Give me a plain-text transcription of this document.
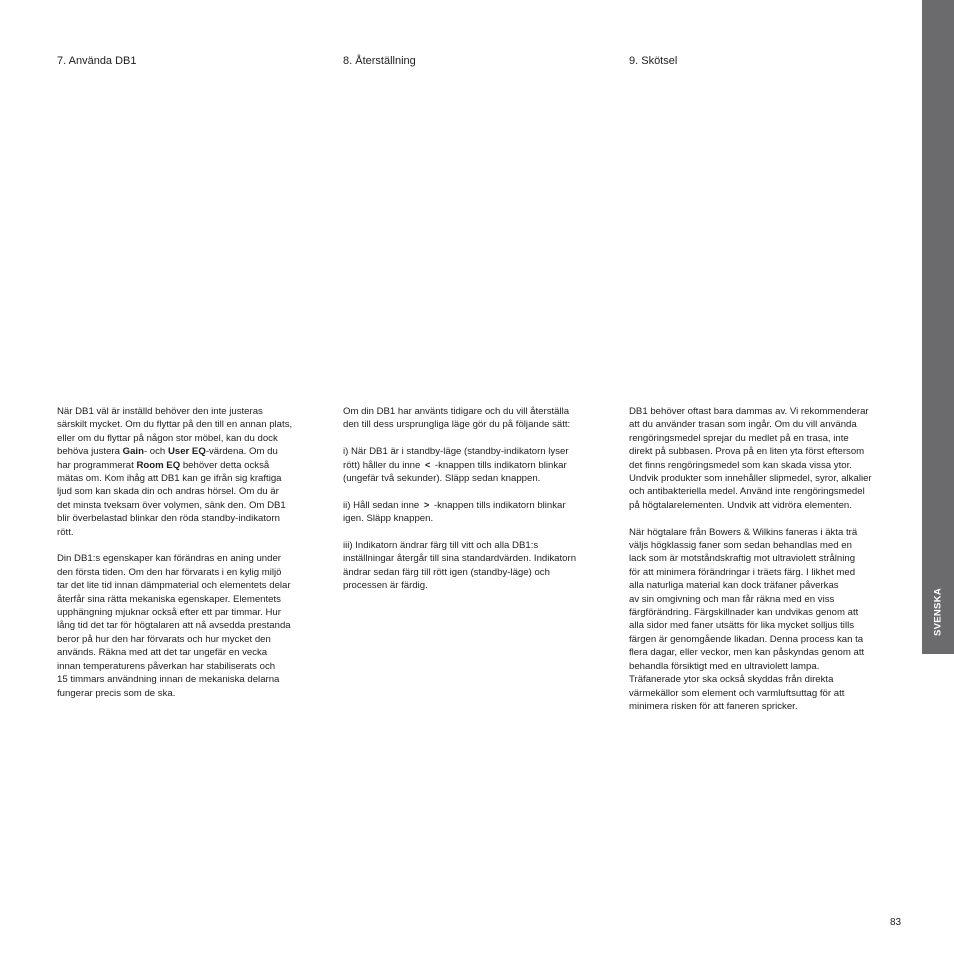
SVENSKA
7. Använda DB1	8. Återställning	9. Skötsel

När DB1 väl är inställd behöver den inte justeras
särskilt mycket. Om du flyttar på den till en annan plats,
eller om du flyttar på någon stor möbel, kan du dock
behöva justera Gain- och User EQ-värdena. Om du
har programmerat Room EQ behöver detta också
mätas om. Kom ihåg att DB1 kan ge ifrån sig kraftiga
ljud som kan skada din och andras hörsel. Om du är
det minsta tveksam över volymen, sänk den. Om DB1
blir överbelastad blinkar den röda standby-indikatorn
rött.

Din DB1:s egenskaper kan förändras en aning under
den första tiden. Om den har förvarats i en kylig miljö
tar det lite tid innan dämpmaterial och elementets delar
återfår sina rätta mekaniska egenskaper. Elementets
upphängning mjuknar också efter ett par timmar. Hur
lång tid det tar för högtalaren att nå avsedda prestanda
beror på hur den har förvarats och hur mycket den
används. Räkna med att det tar ungefär en vecka
innan temperaturens påverkan har stabiliserats och
15 timmars användning innan de mekaniska delarna
fungerar precis som de ska.

Om din DB1 har använts tidigare och du vill återställa
den till dess ursprungliga läge gör du på följande sätt:

i) När DB1 är i standby-läge (standby-indikatorn lyser
rött) håller du inne < -knappen tills indikatorn blinkar
(ungefär två sekunder). Släpp sedan knappen.

ii) Håll sedan inne > -knappen tills indikatorn blinkar
igen. Släpp knappen.

iii) Indikatorn ändrar färg till vitt och alla DB1:s
inställningar återgår till sina standardvärden. Indikatorn
ändrar sedan färg till rött igen (standby-läge) och
processen är färdig.

DB1 behöver oftast bara dammas av. Vi rekommenderar
att du använder trasan som ingår. Om du vill använda
rengöringsmedel sprejar du medlet på en trasa, inte
direkt på subbasen. Prova på en liten yta först eftersom
det finns rengöringsmedel som kan skada vissa ytor.
Undvik produkter som innehåller slipmedel, syror, alkalier
och antibakteriella medel. Använd inte rengöringsmedel
på högtalarelementen. Undvik att vidröra elementen.

När högtalare från Bowers & Wilkins faneras i äkta trä
väljs högklassig faner som sedan behandlas med en
lack som är motståndskraftig mot ultraviolett strålning
för att minimera förändringar i träets färg. I likhet med
alla naturliga material kan dock träfaner påverkas
av sin omgivning och man får räkna med en viss
färgförändring. Färgskillnader kan undvikas genom att
alla sidor med faner utsätts för lika mycket solljus tills
färgen är genomgående likadan. Denna process kan ta
flera dagar, eller veckor, men kan påskyndas genom att
behandla försiktigt med en ultraviolett lampa.
Träfanerade ytor ska också skyddas från direkta
värmekällor som element och varmluftsuttag för att
minimera risken för att faneren spricker.

83
